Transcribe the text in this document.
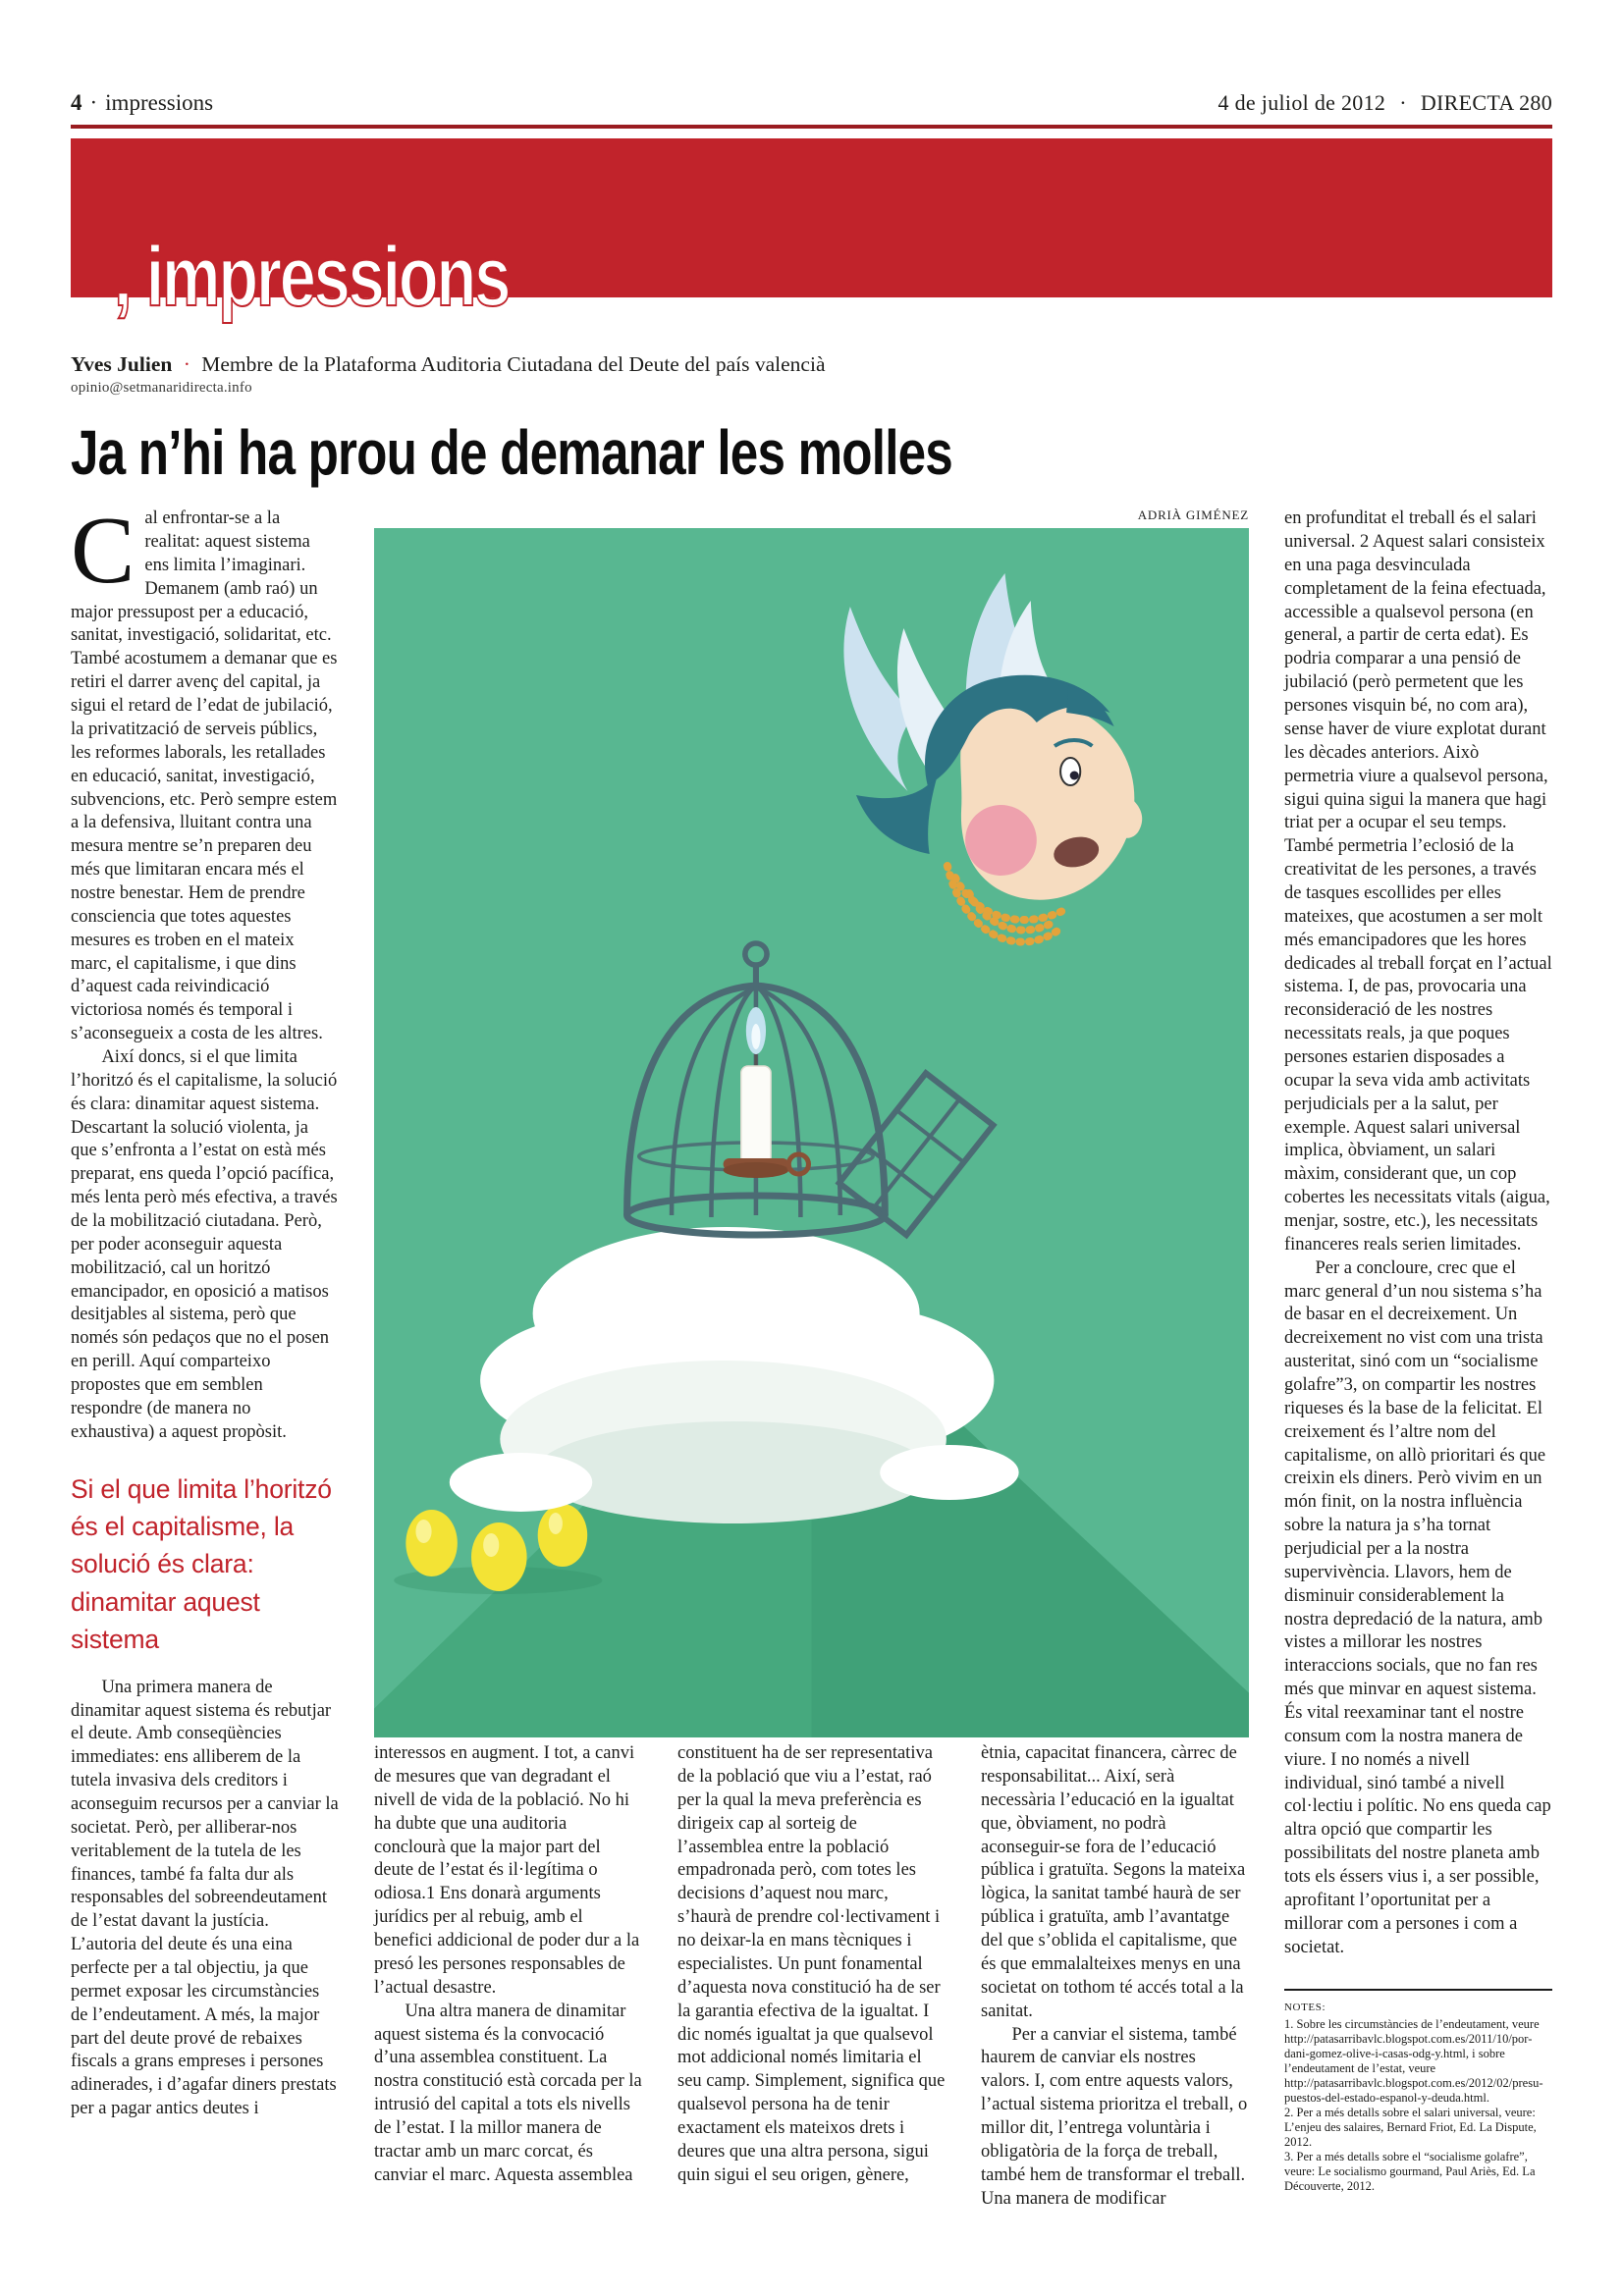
4 · impressions	4 de juliol de 2012 · DIRECTA 280
, impressions
Yves Julien · Membre de la Plataforma Auditoria Ciutadana del Deute del país valencià
opinio@setmanaridirecta.info
Ja n’hi ha prou de demanar les molles

Cal enfrontar-se a la realitat: aquest sistema ens limita l’imaginari. Demanem (amb raó) un major pressupost per a educació, sanitat, investigació, solidaritat, etc. També acostumem a demanar que es retiri el darrer avenç del capital, ja sigui el retard de l’edat de jubilació, la privatització de serveis públics, les reformes laborals, les retallades en educació, sanitat, investigació, subvencions, etc. Però sempre estem a la defensiva, lluitant contra una mesura mentre se’n preparen deu més que limitaran encara més el nostre benestar. Hem de prendre consciencia que totes aquestes mesures es troben en el mateix marc, el capitalisme, i que dins d’aquest cada reivindicació victoriosa només és temporal i s’aconsegueix a costa de les altres.

Així doncs, si el que limita l’horitzó és el capitalisme, la solució és clara: dinamitar aquest sistema. Descartant la solució violenta, ja que s’enfronta a l’estat on està més preparat, ens queda l’opció pacífica, més lenta però més efectiva, a través de la mobilització ciutadana. Però, per poder aconseguir aquesta mobilització, cal un horitzó emancipador, en oposició a matisos desitjables al sistema, però que només són pedaços que no el posen en perill. Aquí comparteixo propostes que em semblen respondre (de manera no exhaustiva) a aquest propòsit.

Si el que limita l’horitzó és el capitalisme, la solució és clara: dinamitar aquest sistema

Una primera manera de dinamitar aquest sistema és rebutjar el deute. Amb conseqüències immediates: ens alliberem de la tutela invasiva dels creditors i aconseguim recursos per a canviar la societat. Però, per alliberar-nos veritablement de la tutela de les finances, també fa falta dur als responsables del sobreendeutament de l’estat davant la justícia. L’autoria del deute és una eina perfecte per a tal objectiu, ja que permet exposar les circumstàncies de l’endeutament. A més, la major part del deute prové de rebaixes fiscals a grans empreses i persones adinerades, i d’agafar diners prestats per a pagar antics deutes i

ADRIÀ GIMÉNEZ

interessos en augment. I tot, a canvi de mesures que van degradant el nivell de vida de la població. No hi ha dubte que una auditoria conclourà que la major part del deute de l’estat és il·legítima o odiosa.1 Ens donarà arguments jurídics per al rebuig, amb el benefici addicional de poder dur a la presó les persones responsables de l’actual desastre.

Una altra manera de dinamitar aquest sistema és la convocació d’una assemblea constituent. La nostra constitució està corcada per la intrusió del capital a tots els nivells de l’estat. I la millor manera de tractar amb un marc corcat, és canviar el marc. Aquesta assemblea

constituent ha de ser representativa de la població que viu a l’estat, raó per la qual la meva preferència es dirigeix cap al sorteig de l’assemblea entre la població empadronada però, com totes les decisions d’aquest nou marc, s’haurà de prendre col·lectivament i no deixar-la en mans tècniques i especialistes. Un punt fonamental d’aquesta nova constitució ha de ser la garantia efectiva de la igualtat. I dic només igualtat ja que qualsevol mot addicional només limitaria el seu camp. Simplement, significa que qualsevol persona ha de tenir exactament els mateixos drets i deures que una altra persona, sigui quin sigui el seu origen, gènere,

ètnia, capacitat financera, càrrec de responsabilitat... Així, serà necessària l’educació en la igualtat que, òbviament, no podrà aconseguir-se fora de l’educació pública i gratuïta. Segons la mateixa lògica, la sanitat també haurà de ser pública i gratuïta, amb l’avantatge del que s’oblida el capitalisme, que és que emmalalteixes menys en una societat on tothom té accés total a la sanitat.

Per a canviar el sistema, també haurem de canviar els nostres valors. I, com entre aquests valors, l’actual sistema prioritza el treball, o millor dit, l’entrega voluntària i obligatòria de la força de treball, també hem de transformar el treball. Una manera de modificar

en profunditat el treball és el salari universal. 2 Aquest salari consisteix en una paga desvinculada completament de la feina efectuada, accessible a qualsevol persona (en general, a partir de certa edat). Es podria comparar a una pensió de jubilació (però permetent que les persones visquin bé, no com ara), sense haver de viure explotat durant les dècades anteriors. Això permetria viure a qualsevol persona, sigui quina sigui la manera que hagi triat per a ocupar el seu temps. També permetria l’eclosió de la creativitat de les persones, a través de tasques escollides per elles mateixes, que acostumen a ser molt més emancipadores que les hores dedicades al treball forçat en l’actual sistema. I, de pas, provocaria una reconsideració de les nostres necessitats reals, ja que poques persones estarien disposades a ocupar la seva vida amb activitats perjudicials per a la salut, per exemple. Aquest salari universal implica, òbviament, un salari màxim, considerant que, un cop cobertes les necessitats vitals (aigua, menjar, sostre, etc.), les necessitats financeres reals serien limitades.

Per a concloure, crec que el marc general d’un nou sistema s’ha de basar en el decreixement. Un decreixement no vist com una trista austeritat, sinó com un “socialisme golafre”3, on compartir les nostres riqueses és la base de la felicitat. El creixement és l’altre nom del capitalisme, on allò prioritari és que creixin els diners. Però vivim en un món finit, on la nostra influència sobre la natura ja s’ha tornat perjudicial per a la nostra supervivència. Llavors, hem de disminuir considerablement la nostra depredació de la natura, amb vistes a millorar les nostres interaccions socials, que no fan res més que minvar en aquest sistema. És vital reexaminar tant el nostre consum com la nostra manera de viure. I no només a nivell individual, sinó també a nivell col·lectiu i polític. No ens queda cap altra opció que compartir les possibilitats del nostre planeta amb tots els éssers vius i, a ser possible, aprofitant l’oportunitat per a millorar com a persones i com a societat.

NOTES:

1. Sobre les circumstàncies de l’endeutament, veure http://patasarribavlc.blogspot.com.es/2011/10/por-dani-gomez-olive-i-casas-odg-y.html, i sobre l’endeutament de l’estat, veure http://patasarribavlc.blogspot.com.es/2012/02/presu-puestos-del-estado-espanol-y-deuda.html.

2. Per a més detalls sobre el salari universal, veure: L’enjeu des salaires, Bernard Friot, Ed. La Dispute, 2012.

3. Per a més detalls sobre el “socialisme golafre”, veure: Le socialismo gourmand, Paul Ariès, Ed. La Découverte, 2012.
